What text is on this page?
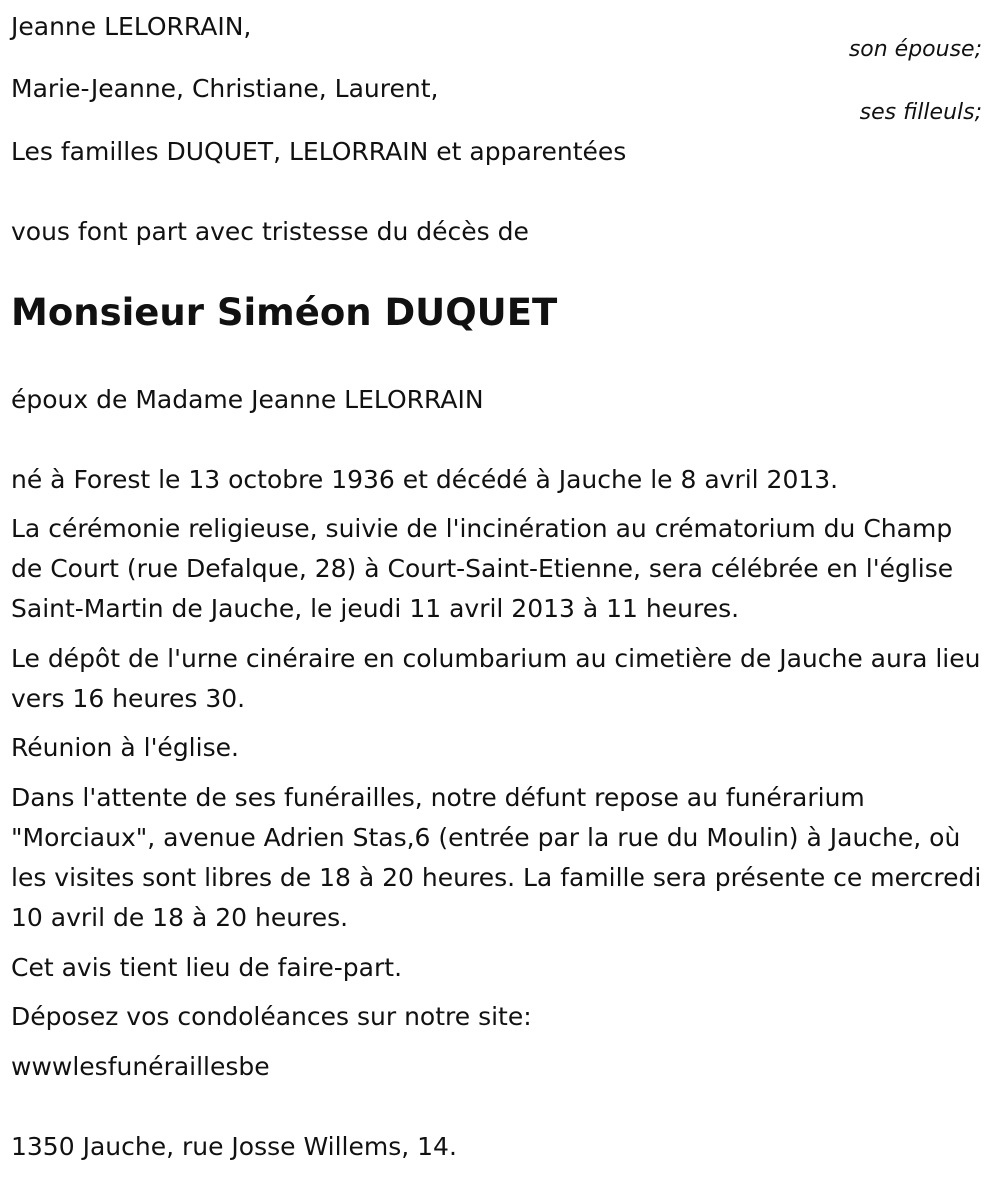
Jeanne LELORRAIN,
son épouse;
Marie-Jeanne, Christiane, Laurent,
ses filleuls;
Les familles DUQUET, LELORRAIN et apparentées
vous font part avec tristesse du décès de
Monsieur Siméon DUQUET
époux de Madame Jeanne LELORRAIN
né à Forest le 13 octobre 1936 et décédé à Jauche le 8 avril 2013.
La cérémonie religieuse, suivie de l'incinération au crématorium du Champ de Court (rue Defalque, 28) à Court-Saint-Etienne, sera célébrée en l'église Saint-Martin de Jauche, le jeudi 11 avril 2013 à 11 heures.
Le dépôt de l'urne cinéraire en columbarium au cimetière de Jauche aura lieu vers 16 heures 30.
Réunion à l'église.
Dans l'attente de ses funérailles, notre défunt repose au funérarium "Morciaux", avenue Adrien Stas,6 (entrée par la rue du Moulin) à Jauche, où les visites sont libres de 18 à 20 heures. La famille sera présente ce mercredi 10 avril de 18 à 20 heures.
Cet avis tient lieu de faire-part.
Déposez vos condoléances sur notre site:
wwwlesfunéraillesbe
1350 Jauche, rue Josse Willems, 14.
